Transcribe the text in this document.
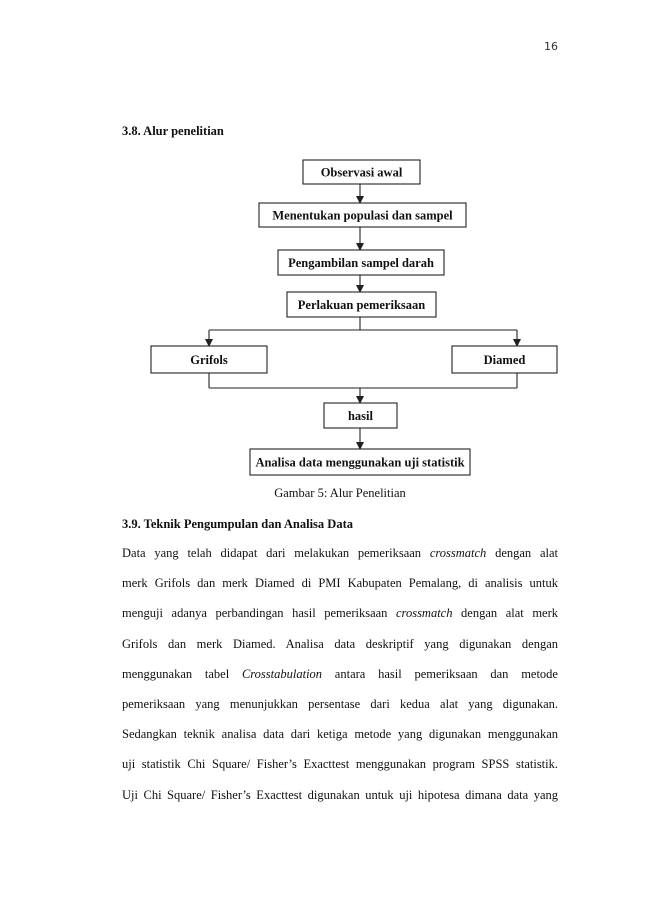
16
3.8. Alur penelitian
Observasi awal
Menentukan populasi dan sampel
Pengambilan sampel darah
Perlakuan pemeriksaan
Grifols	Diamed
hasil
Analisa data menggunakan uji statistik
Gambar 5: Alur Penelitian
3.9. Teknik Pengumpulan dan Analisa Data
Data yang telah didapat dari melakukan pemeriksaan crossmatch dengan alat
merk Grifols dan merk Diamed di PMI Kabupaten Pemalang, di analisis untuk
menguji adanya perbandingan hasil pemeriksaan crossmatch dengan alat merk
Grifols dan merk Diamed. Analisa data deskriptif yang digunakan dengan
menggunakan tabel Crosstabulation antara hasil pemeriksaan dan metode
pemeriksaan yang menunjukkan persentase dari kedua alat yang digunakan.
Sedangkan teknik analisa data dari ketiga metode yang digunakan menggunakan
uji statistik Chi Square/ Fisher’s Exacttest menggunakan program SPSS statistik.
Uji Chi Square/ Fisher’s Exacttest digunakan untuk uji hipotesa dimana data yang
